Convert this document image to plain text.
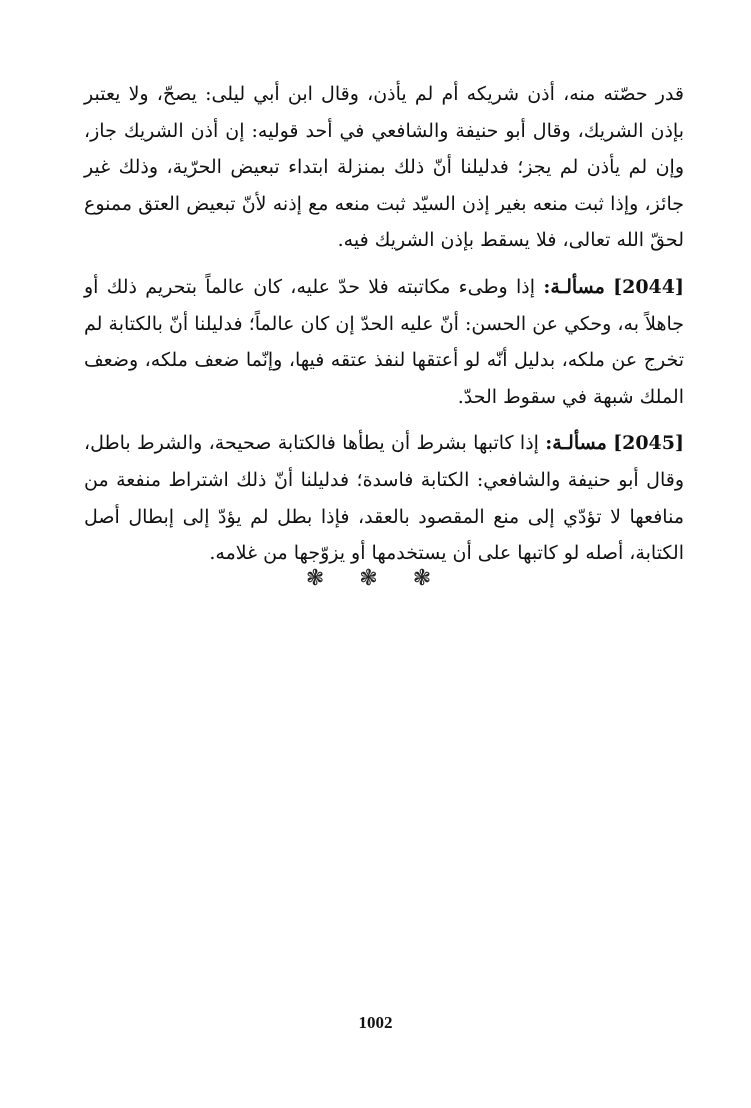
قدر حصّته منه، أذن شريكه أم لم يأذن، وقال ابن أبي ليلى: يصحّ، ولا يعتبر بإذن الشريك، وقال أبو حنيفة والشافعي في أحد قوليه: إن أذن الشريك جاز، وإن لم يأذن لم يجز؛ فدليلنا أنّ ذلك بمنزلة ابتداء تبعيض الحرّية، وذلك غير جائز، وإذا ثبت منعه بغير إذن السيّد ثبت منعه مع إذنه لأنّ تبعيض العتق ممنوع لحقّ الله تعالى، فلا يسقط بإذن الشريك فيه.

[2044] مسألـة: إذا وطىء مكاتبته فلا حدّ عليه، كان عالماً بتحريم ذلك أو جاهلاً به، وحكي عن الحسن: أنّ عليه الحدّ إن كان عالماً؛ فدليلنا أنّ بالكتابة لم تخرج عن ملكه، بدليل أنّه لو أعتقها لنفذ عتقه فيها، وإنّما ضعف ملكه، وضعف الملك شبهة في سقوط الحدّ.

[2045] مسألـة: إذا كاتبها بشرط أن يطأها فالكتابة صحيحة، والشرط باطل، وقال أبو حنيفة والشافعي: الكتابة فاسدة؛ فدليلنا أنّ ذلك اشتراط منفعة من منافعها لا تؤدّي إلى منع المقصود بالعقد، فإذا بطل لم يؤدّ إلى إبطال أصل الكتابة، أصله لو كاتبها على أن يستخدمها أو يزوّجها من غلامه.

❃ ❃ ❃
1002
